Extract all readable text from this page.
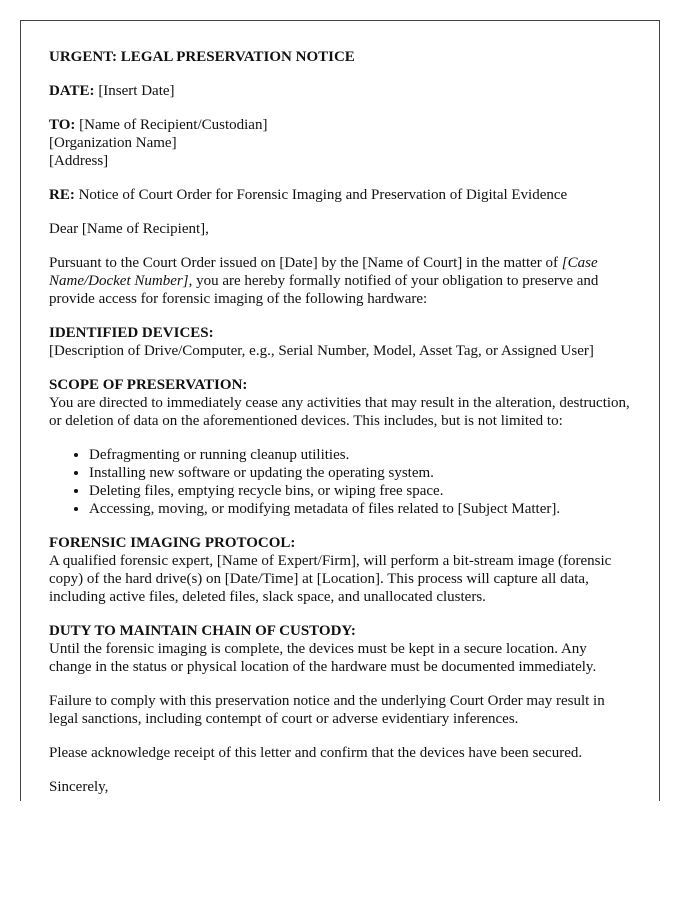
URGENT: LEGAL PRESERVATION NOTICE

DATE: [Insert Date]

TO: [Name of Recipient/Custodian]
[Organization Name]
[Address]

RE: Notice of Court Order for Forensic Imaging and Preservation of Digital Evidence

Dear [Name of Recipient],

Pursuant to the Court Order issued on [Date] by the [Name of Court] in the matter of [Case Name/Docket Number], you are hereby formally notified of your obligation to preserve and provide access for forensic imaging of the following hardware:

IDENTIFIED DEVICES:

[Description of Drive/Computer, e.g., Serial Number, Model, Asset Tag, or Assigned User]

SCOPE OF PRESERVATION:

You are directed to immediately cease any activities that may result in the alteration, destruction, or deletion of data on the aforementioned devices. This includes, but is not limited to:

• Defragmenting or running cleanup utilities.
• Installing new software or updating the operating system.
• Deleting files, emptying recycle bins, or wiping free space.
• Accessing, moving, or modifying metadata of files related to [Subject Matter].
FORENSIC IMAGING PROTOCOL:

A qualified forensic expert, [Name of Expert/Firm], will perform a bit-stream image (forensic copy) of the hard drive(s) on [Date/Time] at [Location]. This process will capture all data, including active files, deleted files, slack space, and unallocated clusters.

DUTY TO MAINTAIN CHAIN OF CUSTODY:

Until the forensic imaging is complete, the devices must be kept in a secure location. Any change in the status or physical location of the hardware must be documented immediately.

Failure to comply with this preservation notice and the underlying Court Order may result in legal sanctions, including contempt of court or adverse evidentiary inferences.

Please acknowledge receipt of this letter and confirm that the devices have been secured.

Sincerely,
